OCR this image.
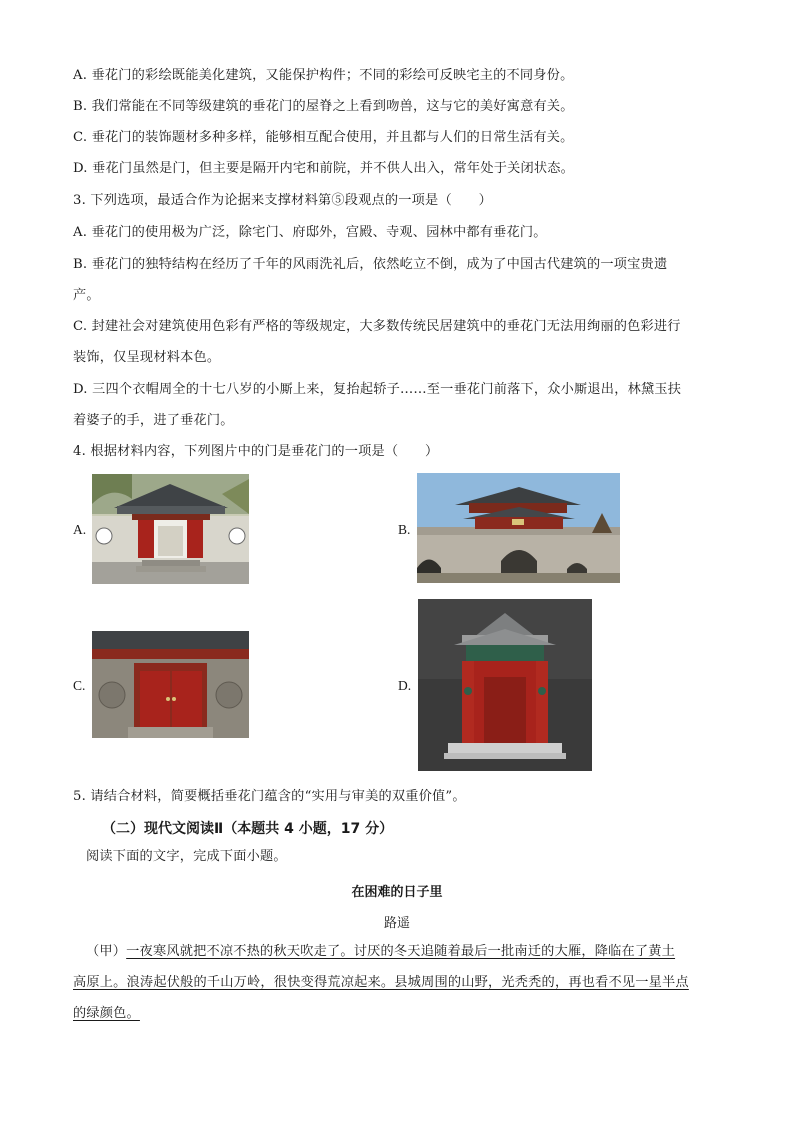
A. 垂花门的彩绘既能美化建筑，又能保护构件；不同的彩绘可反映宅主的不同身份。
B. 我们常能在不同等级建筑的垂花门的屋脊之上看到吻兽，这与它的美好寓意有关。
C. 垂花门的装饰题材多种多样，能够相互配合使用，并且都与人们的日常生活有关。
D. 垂花门虽然是门，但主要是隔开内宅和前院，并不供人出入，常年处于关闭状态。
3. 下列选项，最适合作为论据来支撑材料第⑤段观点的一项是（　　）
A. 垂花门的使用极为广泛，除宅门、府邸外，宫殿、寺观、园林中都有垂花门。
B. 垂花门的独特结构在经历了千年的风雨洗礼后，依然屹立不倒，成为了中国古代建筑的一项宝贵遗
产。
C. 封建社会对建筑使用色彩有严格的等级规定，大多数传统民居建筑中的垂花门无法用绚丽的色彩进行
装饰，仅呈现材料本色。
D. 三四个衣帽周全的十七八岁的小厮上来，复抬起轿子……至一垂花门前落下，众小厮退出，林黛玉扶
着婆子的手，进了垂花门。
4. 根据材料内容，下列图片中的门是垂花门的一项是（　　）
A.	B.
C.	D.
5. 请结合材料，简要概括垂花门蕴含的“实用与审美的双重价值”。
（二）现代文阅读Ⅱ（本题共 4 小题，17 分）
阅读下面的文字，完成下面小题。
在困难的日子里
路遥
（甲）一夜寒风就把不凉不热的秋天吹走了。讨厌的冬天追随着最后一批南迁的大雁，降临在了黄土
高原上。浪涛起伏般的千山万岭，很快变得荒凉起来。县城周围的山野，光秃秃的，再也看不见一星半点
的绿颜色。
